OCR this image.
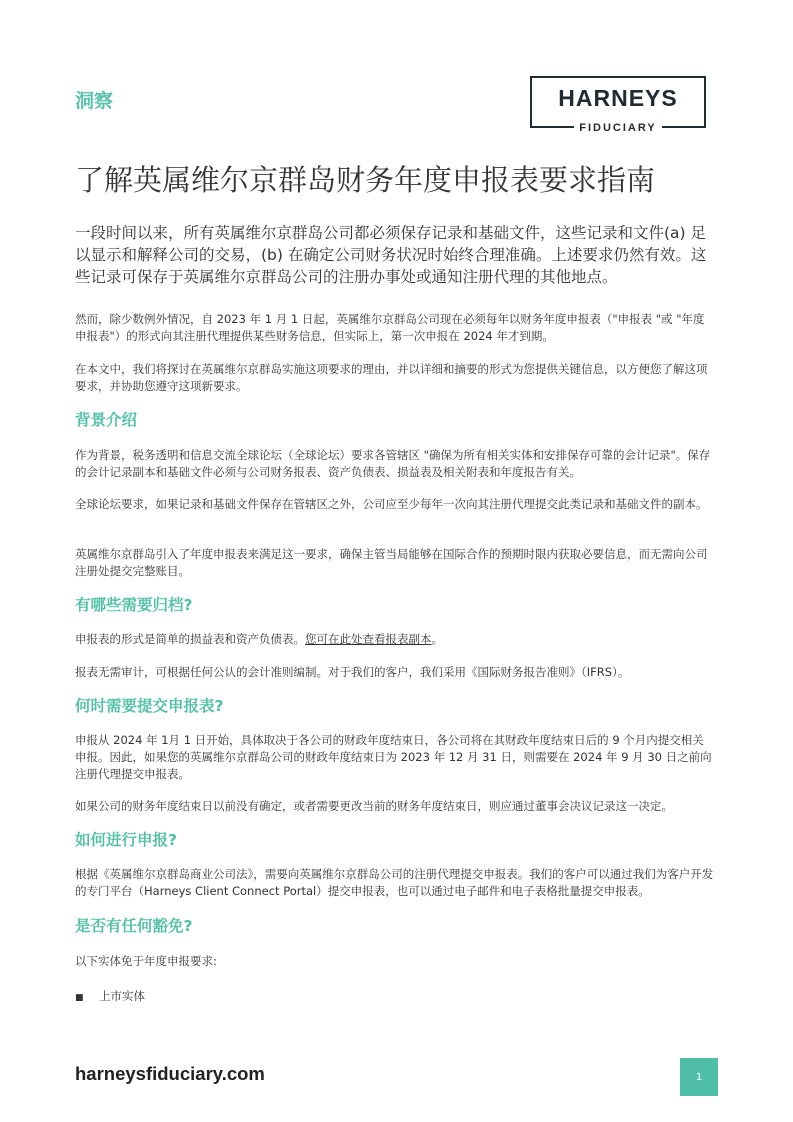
洞察	HARNEYS
FIDUCIARY
了解英属维尔京群岛财务年度申报表要求指南
一段时间以来，所有英属维尔京群岛公司都必须保存记录和基础文件，这些记录和文件(a) 足以显示和解释公司的交易，(b) 在确定公司财务状况时始终合理准确。上述要求仍然有效。这些记录可保存于英属维尔京群岛公司的注册办事处或通知注册代理的其他地点。
然而，除少数例外情况，自 2023 年 1 月 1 日起，英属维尔京群岛公司现在必须每年以财务年度申报表（"申报表 "或 "年度申报表"）的形式向其注册代理提供某些财务信息，但实际上，第一次申报在 2024 年才到期。
在本文中，我们将探讨在英属维尔京群岛实施这项要求的理由，并以详细和摘要的形式为您提供关键信息，以方便您了解这项要求，并协助您遵守这项新要求。
背景介绍
作为背景，税务透明和信息交流全球论坛（全球论坛）要求各管辖区 "确保为所有相关实体和安排保存可靠的会计记录"。保存的会计记录副本和基础文件必须与公司财务报表、资产负债表、损益表及相关附表和年度报告有关。
全球论坛要求，如果记录和基础文件保存在管辖区之外，公司应至少每年一次向其注册代理提交此类记录和基础文件的副本。
英属维尔京群岛引入了年度申报表来满足这一要求，确保主管当局能够在国际合作的预期时限内获取必要信息，而无需向公司注册处提交完整账目。
有哪些需要归档?
申报表的形式是简单的损益表和资产负债表。您可在此处查看报表副本。
报表无需审计，可根据任何公认的会计准则编制。对于我们的客户，我们采用《国际财务报告准则》（IFRS）。
何时需要提交申报表?
申报从 2024 年 1月 1 日开始，具体取决于各公司的财政年度结束日，各公司将在其财政年度结束日后的 9 个月内提交相关申报。因此，如果您的英属维尔京群岛公司的财政年度结束日为 2023 年 12 月 31 日，则需要在 2024 年 9 月 30 日之前向注册代理提交申报表。
如果公司的财务年度结束日以前没有确定，或者需要更改当前的财务年度结束日，则应通过董事会决议记录这一决定。
如何进行申报?
根据《英属维尔京群岛商业公司法》，需要向英属维尔京群岛公司的注册代理提交申报表。我们的客户可以通过我们为客户开发的专门平台（Harneys Client Connect Portal）提交申报表，也可以通过电子邮件和电子表格批量提交申报表。
是否有任何豁免?
以下实体免于年度申报要求:
■ 上市实体
harneysfiduciary.com	1
